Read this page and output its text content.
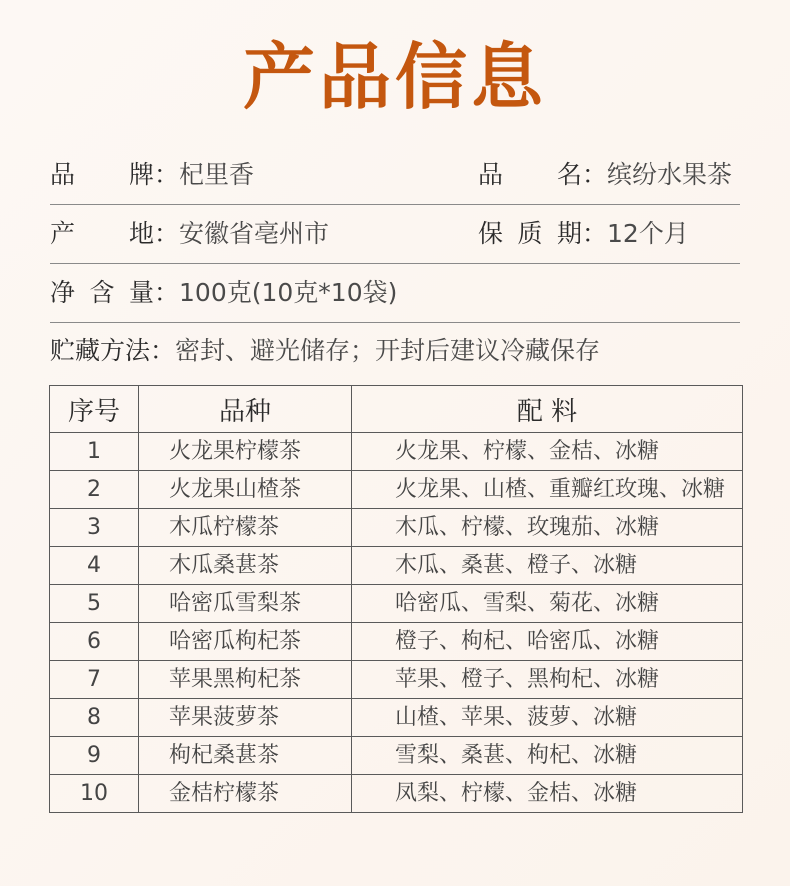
产品信息
品牌：杞里香	品名：缤纷水果茶
产地：安徽省亳州市	保质期：12个月
净含量：100克(10克*10袋)
贮藏方法：密封、避光储存；开封后建议冷藏保存
序号	品种	配 料
1	火龙果柠檬茶	火龙果、柠檬、金桔、冰糖
2	火龙果山楂茶	火龙果、山楂、重瓣红玫瑰、冰糖
3	木瓜柠檬茶	木瓜、柠檬、玫瑰茄、冰糖
4	木瓜桑葚茶	木瓜、桑葚、橙子、冰糖
5	哈密瓜雪梨茶	哈密瓜、雪梨、菊花、冰糖
6	哈密瓜枸杞茶	橙子、枸杞、哈密瓜、冰糖
7	苹果黑枸杞茶	苹果、橙子、黑枸杞、冰糖
8	苹果菠萝茶	山楂、苹果、菠萝、冰糖
9	枸杞桑葚茶	雪梨、桑葚、枸杞、冰糖
10	金桔柠檬茶	凤梨、柠檬、金桔、冰糖
